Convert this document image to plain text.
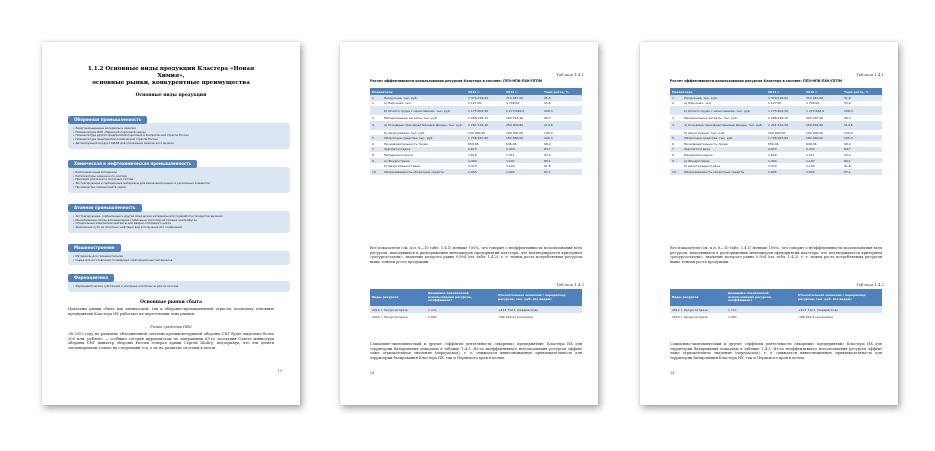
1.1.2 Основные виды продукции Кластера «Новая Химия»,
основные рынки, конкурентные преимущества
Основные виды продукции
Оборонная промышленность
• Энергонасыщенные материалы и изделия
• Номенклатура ФКП «Пермский пороховой завод»
• Номенклатура других предприятий пороховой и боеприпасной отрасли России
• Номенклатура предприятий космической отрасли России
• Детонирующий продукт КД-88 для утилизации химического оружия
Химическая и нефтехимическая промышленность
• Композиционные материалы
• Катализаторы химического синтеза
• Присадки для масел и моторных топлив
• Экстрагирующие и сорбционные материалы для извлечения редких и рассеянных элементов
• Производство перманганата калия
Атомная промышленность
• Экстрагирующие, сорбционные и другие химические материалы для переработки продуктов деления
• Ионообменные смолы для выделения стабильных изотопов на газовых центрифугах
• Специальные химические реагенты для ядерно-топливного цикла
• Химические пути из попутных нефтяных вод и получение его соединений
Машиностроение
• Материалы для гальванотехники
• Сырье для изготовления полимерных композиционных материалов
Фармацевтика
• Фармацевтические субстанции и исходные компоненты для их синтеза
Основные рынки сбыта
Показаны рынки сбыта как химической, так и оборонно-промышленной отрасли, поскольку основные предприятия Кластера НХ работают на пересечении этих рынков.
Рынок средства ПВО
«В 2013 году на развитие объединенной системы противовоздушной обороны СНГ будет выделено более 300 млн. рублей» — сообщил сегодня журналистам по завершении 63-го заседания Совета министров обороны СНГ министр обороны России генерал армии Сергей Шойгу, подчеркнув, что эти деньги запланированы только на следующий год, а не на развитие системы в целом.
19
Таблица 1.4.1
Расчет эффективности использования ресурсов Кластера в составе: ППЗ-НПК-ПХК-ПГПМ
Показатели		2011 г.	2012 г.	Темп роста, %
1	Продукция, тыс. руб.	1 379 018,00	310 047,00	91,8
2	а) Персонал, чел.	5 127,00	4 799,00	93,6
	б) Оплата труда с начислением, тыс. руб.	1 175 603,30	1 273 646,4	108,3
3	Материальные затраты, тыс. руб.	2 088 928,70	205 297,90	98,3
4	а) Основные производственные фонды, тыс. руб.	2 261 544,40	259 002,80	114,6
	б) Амортизация, тыс. руб.	100 000,00	100 000,00	100,0
5	Оборотные средства, тыс. руб.	1 736 967,90	182 890,00	105,3
6	Производительность труда	659,06	646,06	98,0
7	Зарплатоотдача	2,674	2,434	84,7
8	Материалоотдача	1,618	1,511	93,4
9	а) Фондоотдача	1,494	1,197	80,1
	б) Амортизациоотдача	3,379	3,100	91,8
10	Оборачиваемость оборотных средств	1,945	1,695	87,1
Все показатели (см. п.п. 6—10 табл. 1.4.1) меньше 100%, что говорит о неэффективности использования всех ресурсов, находящихся в распоряжении менеджеров предприятий кластера, что подтверждается критерием «ресурсоотдачи», значение которого равно 0,904 (см. табл. 1.4.2), т. е. темпы роста потребляемых ресурсов выше темпов роста продукции.
Таблица 1.4.2
Виды ресурсов	Динамика показателей использования ресурсов, коэффициент	Относительная экономия / перерасход ресурсов, тыс. руб. (по видам)
2012 г. Ресурсоотдача	0,904	+413 712,1 (перерасход)
2014 г. Ресурсоотдача	1,040	-166 292,4 (экономия)
Социально-экономический и другие «эффекты деятельности «якорных» предприятий» Кластера НХ для территории базирования показаны в таблице 1.4.3. Из-за неэффективного использования ресурсов эффект тоже отрицательное значение (перерасход), т. е. снижается инвестиционную привлекательность для территории базирования Кластера НХ, так и Пермского края в целом.
34
Таблица 1.4.1
Расчет эффективности использования ресурсов Кластера в составе: ППЗ-НПК-ПХК-ПГПМ
Показатели		2011 г.	2012 г.	Темп роста, %
1	Продукция, тыс. руб.	1 379 018,00	310 047,00	91,8
2	а) Персонал, чел.	5 127,00	4 799,00	93,6
	б) Оплата труда с начислением, тыс. руб.	1 175 603,30	1 273 646,4	108,3
3	Материальные затраты, тыс. руб.	2 088 928,70	205 297,90	98,3
4	а) Основные производственные фонды, тыс. руб.	2 261 544,40	259 002,80	114,6
	б) Амортизация, тыс. руб.	100 000,00	100 000,00	100,0
5	Оборотные средства, тыс. руб.	1 736 967,90	182 890,00	105,3
6	Производительность труда	659,06	646,06	98,0
7	Зарплатоотдача	2,674	2,434	84,7
8	Материалоотдача	1,618	1,511	93,4
9	а) Фондоотдача	1,494	1,197	80,1
	б) Амортизациоотдача	3,379	3,100	91,8
10	Оборачиваемость оборотных средств	1,945	1,695	87,1
Все показатели (см. п.п. 6—10 табл. 1.4.1) меньше 100%, что говорит о неэффективности использования всех ресурсов, находящихся в распоряжении менеджеров предприятий кластера, что подтверждается критерием «ресурсоотдачи», значение которого равно 0,904 (см. табл. 1.4.2), т. е. темпы роста потребляемых ресурсов выше темпов роста продукции.
Таблица 1.4.2
Виды ресурсов	Динамика показателей использования ресурсов, коэффициент	Относительная экономия / перерасход ресурсов, тыс. руб. (по видам)
2012 г. Ресурсоотдача	0,904	+413 712,1 (перерасход)
2014 г. Ресурсоотдача	1,040	-166 292,4 (экономия)
Социально-экономический и другие «эффекты деятельности «якорных» предприятий» Кластера НХ для территории базирования показаны в таблице 1.4.3. Из-за неэффективного использования ресурсов эффект тоже отрицательное значение (перерасход), т. е. снижается инвестиционную привлекательность для территории базирования Кластера НХ, так и Пермского края в целом.
34
